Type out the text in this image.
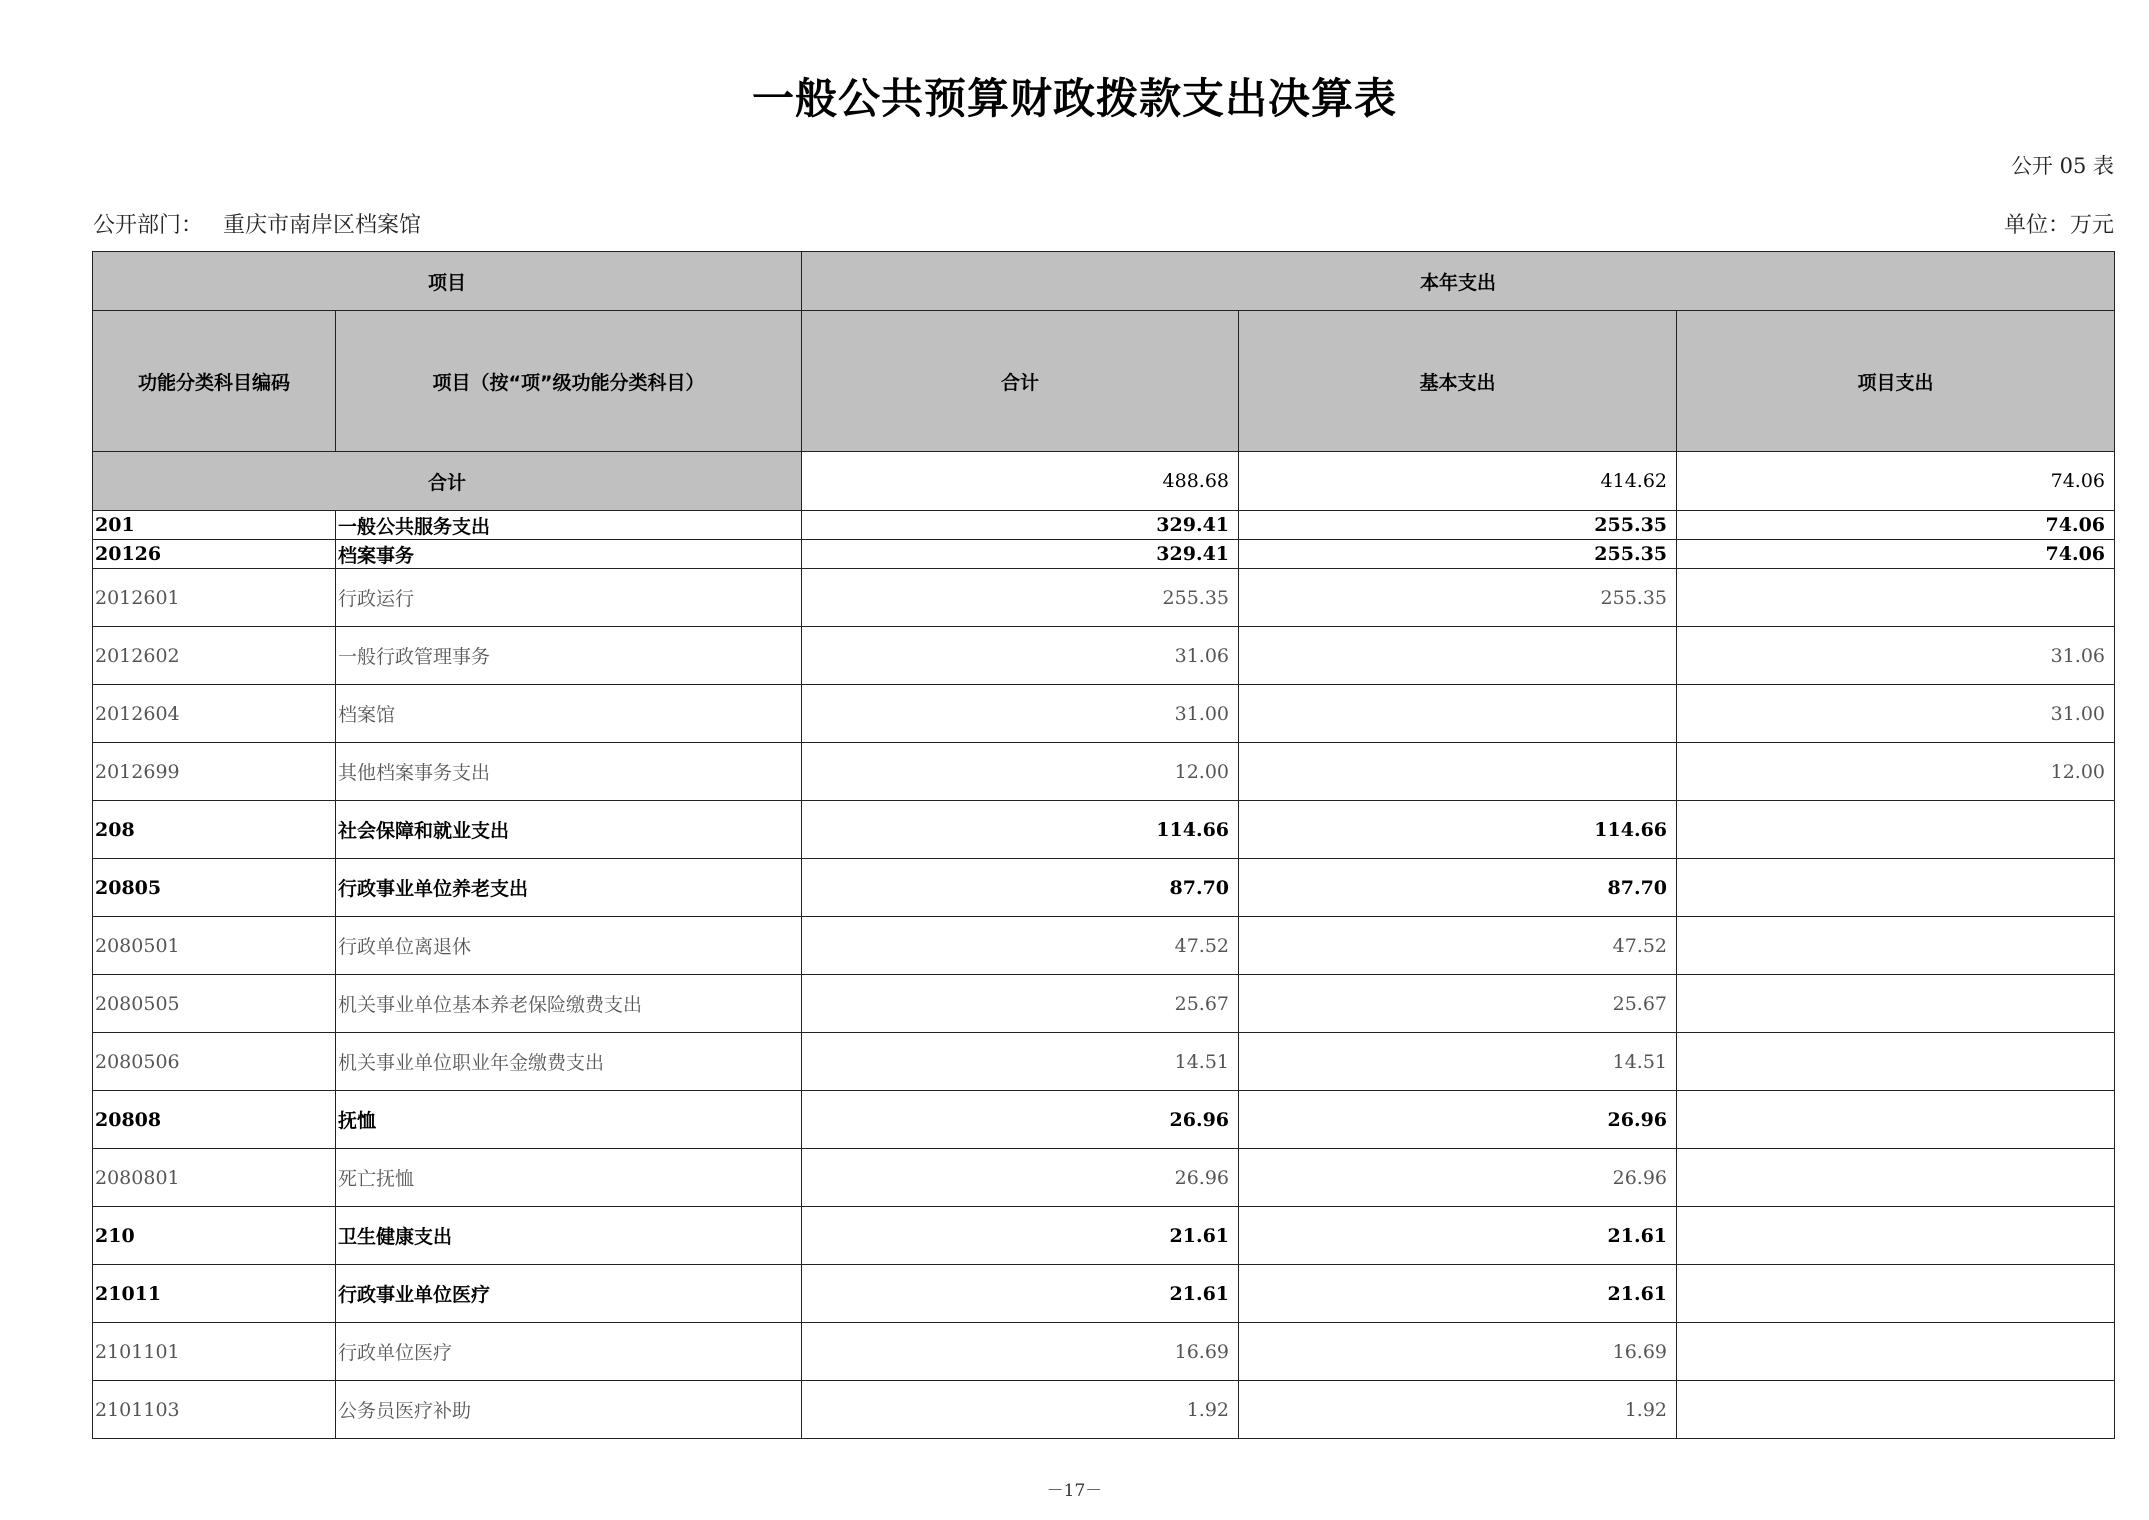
一般公共预算财政拨款支出决算表
公开 05 表
公开部门： 重庆市南岸区档案馆	单位：万元
项目		本年支出		
功能分类科目编码	项目（按“项”级功能分类科目）	合计	基本支出	项目支出
合计		488.68	414.62	74.06
201	一般公共服务支出	329.41	255.35	74.06
20126	档案事务	329.41	255.35	74.06
2012601	行政运行	255.35	255.35	
2012602	一般行政管理事务	31.06		31.06
2012604	档案馆	31.00		31.00
2012699	其他档案事务支出	12.00		12.00
208	社会保障和就业支出	114.66	114.66	
20805	行政事业单位养老支出	87.70	87.70	
2080501	行政单位离退休	47.52	47.52	
2080505	机关事业单位基本养老保险缴费支出	25.67	25.67	
2080506	机关事业单位职业年金缴费支出	14.51	14.51	
20808	抚恤	26.96	26.96	
2080801	死亡抚恤	26.96	26.96	
210	卫生健康支出	21.61	21.61	
21011	行政事业单位医疗	21.61	21.61	
2101101	行政单位医疗	16.69	16.69	
2101103	公务员医疗补助	1.92	1.92	
－17－
